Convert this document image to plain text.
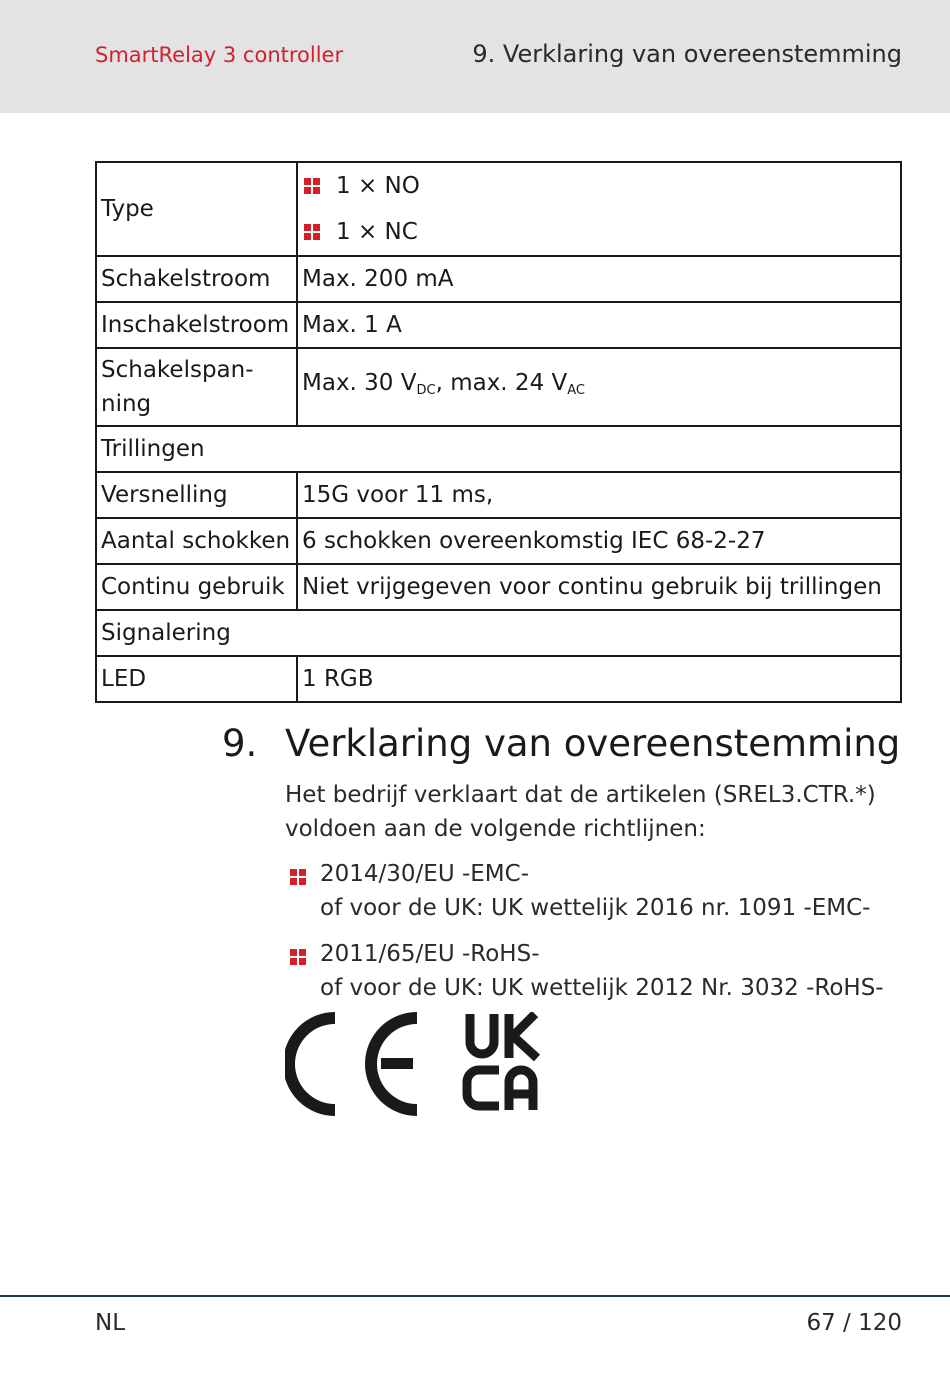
SmartRelay 3 controller	9. Verklaring van overeenstemming
Type	1 × NO
1 × NC

Schakelstroom	Max. 200 mA
Inschakelstroom	Max. 1 A
Schakelspan-
ning	Max. 30 $V_{DC}$, max. 24 $V_{AC}$
Trillingen	
Versnelling	15G voor 11 ms,
Aantal schokken	6 schokken overeenkomstig IEC 68-2-27
Continu gebruik	Niet vrijgegeven voor continu gebruik bij trillingen
Signalering	
LED	1 RGB
9. Verklaring van overeenstemming
Het bedrijf verklaart dat de artikelen (SREL3.CTR.*) voldoen aan de volgende richtlijnen:
2014/30/EU -EMC-
of voor de UK: UK wettelijk 2016 nr. 1091 -EMC-
2011/65/EU -RoHS-
of voor de UK: UK wettelijk 2012 Nr. 3032 -RoHS-
NL	67 / 120
